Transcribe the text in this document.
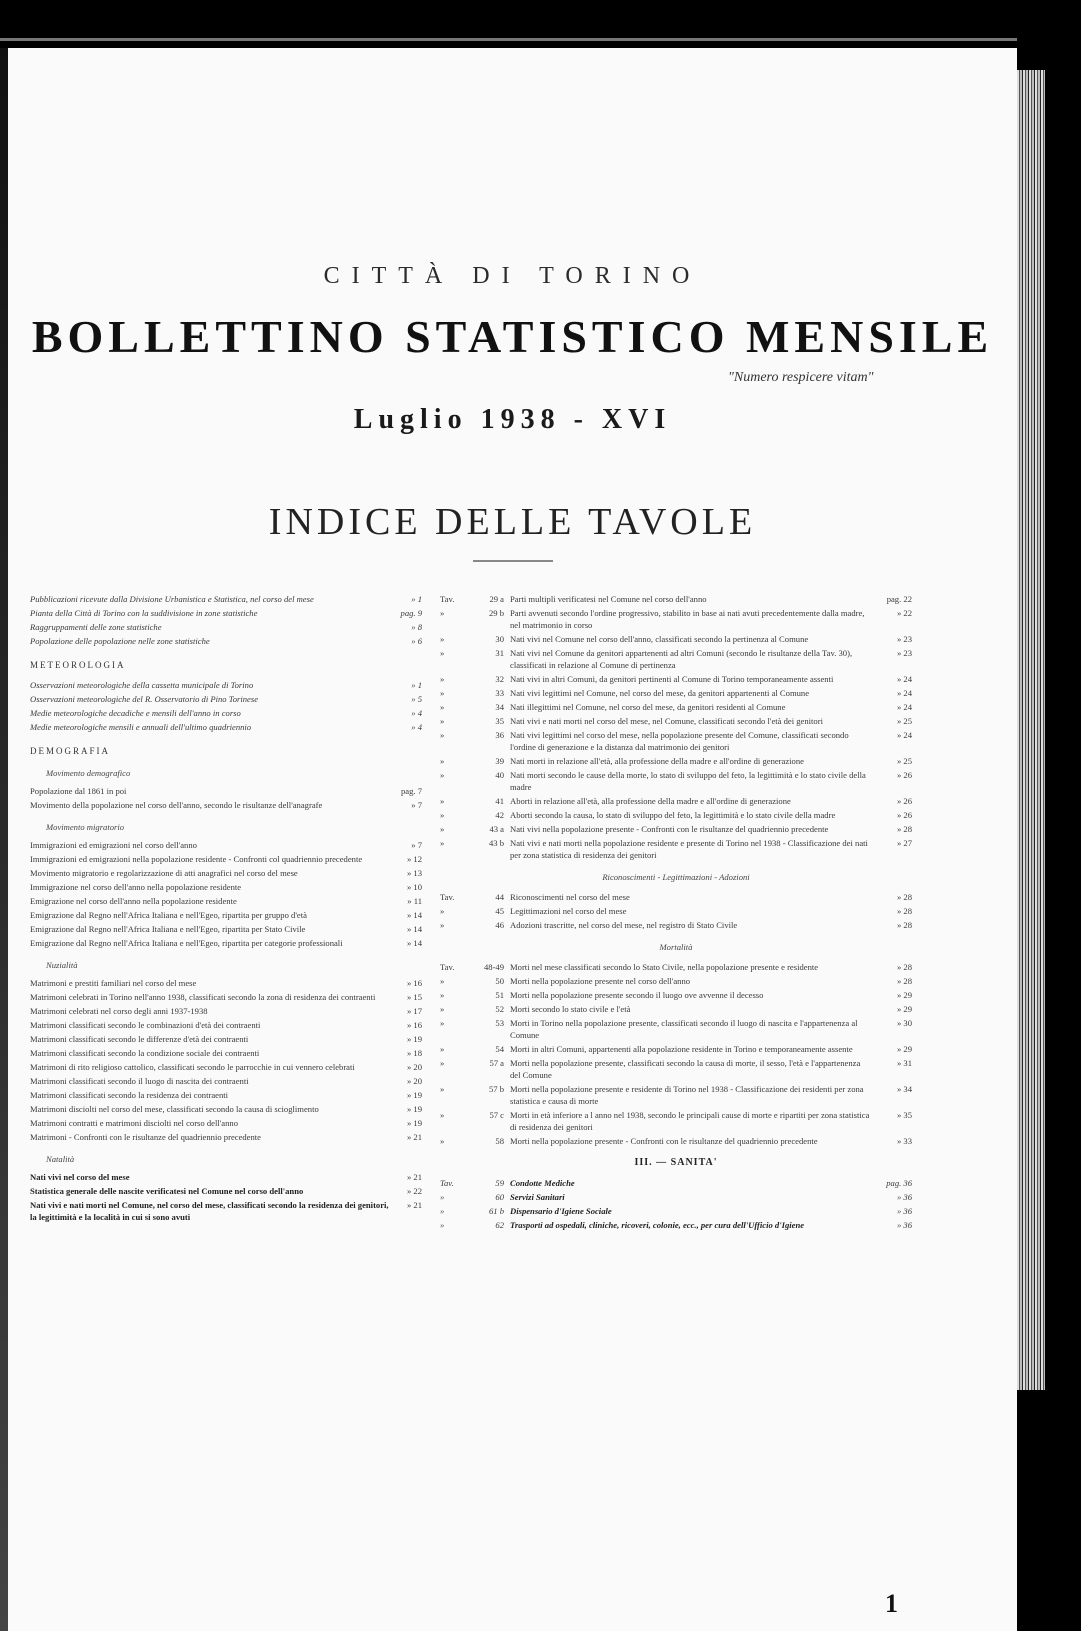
CITTÀ DI TORINO
BOLLETTINO STATISTICO MENSILE
"Numero respicere vitam"
Luglio 1938 - XVI
INDICE DELLE TAVOLE
Pubblicazioni ricevute dalla Divisione Urbanistica e Statistica, nel corso del mese	» 1
Pianta della Città di Torino con la suddivisione in zone statistiche	pag. 9
Raggruppamenti delle zone statistiche	» 8
Popolazione delle popolazione nelle zone statistiche	» 6
METEOROLOGIA
Osservazioni meteorologiche della cassetta municipale di Torino	» 1
Osservazioni meteorologiche del R. Osservatorio di Pino Torinese	» 5
Medie meteorologiche decadiche e mensili dell'anno in corso	» 4
Medie meteorologiche mensili e annuali dell'ultimo quadriennio	» 4
DEMOGRAFIA
Movimento demografico
Popolazione dal 1861 in poi	pag. 7
Movimento della popolazione nel corso dell'anno, secondo le risultanze dell'anagrafe	» 7
Movimento migratorio
Immigrazioni ed emigrazioni nel corso dell'anno	» 7
Immigrazioni ed emigrazioni nella popolazione residente - Confronti col quadriennio precedente	» 12
Movimento migratorio e regolarizzazione di atti anagrafici nel corso del mese	» 13
Immigrazione nel corso dell'anno nella popolazione residente	» 10
Emigrazione nel corso dell'anno nella popolazione residente	» 11
Emigrazione dal Regno nell'Africa Italiana e nell'Egeo, ripartita per gruppo d'età	» 14
Emigrazione dal Regno nell'Africa Italiana e nell'Egeo, ripartita per Stato Civile	» 14
Emigrazione dal Regno nell'Africa Italiana e nell'Egeo, ripartita per categorie professionali	» 14
Nuzialità
Matrimoni e prestiti familiari nel corso del mese	» 16
Matrimoni celebrati in Torino nell'anno 1938, classificati secondo la zona di residenza dei contraenti	» 15
Matrimoni celebrati nel corso degli anni 1937-1938	» 17
Matrimoni classificati secondo le combinazioni d'età dei contraenti	» 16
Matrimoni classificati secondo le differenze d'età dei contraenti	» 19
Matrimoni classificati secondo la condizione sociale dei contraenti	» 18
Matrimoni di rito religioso cattolico, classificati secondo le parrocchie in cui vennero celebrati	» 20
Matrimoni classificati secondo il luogo di nascita dei contraenti	» 20
Matrimoni classificati secondo la residenza dei contraenti	» 19
Matrimoni disciolti nel corso del mese, classificati secondo la causa di scioglimento	» 19
Matrimoni contratti e matrimoni disciolti nel corso dell'anno	» 19
Matrimoni - Confronti con le risultanze del quadriennio precedente	» 21
Natalità
Nati vivi nel corso del mese	» 21
Statistica generale delle nascite verificatesi nel Comune nel corso dell'anno	» 22
Nati vivi e nati morti nel Comune, nel corso del mese, classificati secondo la residenza dei genitori, la legittimità e la località in cui si sono avuti
» 21
Tav.	29 a Parti multipli verificatesi nel Comune nel corso dell'anno	pag. 22
»	29 b Parti avvenuti secondo l'ordine progressivo, stabilito in base ai nati avuti precedentemente dalla madre, nel matrimonio in corso
» 22
»	30 Nati vivi nel Comune nel corso dell'anno, classificati secondo la pertinenza al Comune	» 23
»	31 Nati vivi nel Comune da genitori appartenenti ad altri Comuni (secondo le risultanze della Tav. 30), classificati in relazione al Comune di pertinenza
» 23
»	32 Nati vivi in altri Comuni, da genitori pertinenti al Comune di Torino temporaneamente assenti	» 24
»	33 Nati vivi legittimi nel Comune, nel corso del mese, da genitori appartenenti al Comune	» 24
»	34 Nati illegittimi nel Comune, nel corso del mese, da genitori residenti al Comune	» 24
»	35 Nati vivi e nati morti nel corso del mese, nel Comune, classificati secondo l'età dei genitori	» 25
»	36 Nati vivi legittimi nel corso del mese, nella popolazione presente del Comune, classificati secondo l'ordine di generazione e la distanza dal matrimonio dei genitori
» 24
»	39 Nati morti in relazione all'età, alla professione della madre e all'ordine di generazione	» 25
»	40 Nati morti secondo le cause della morte, lo stato di sviluppo del feto, la legittimità e lo stato civile della madre
» 26
»	41 Aborti in relazione all'età, alla professione della madre e all'ordine di generazione	» 26
»	42 Aborti secondo la causa, lo stato di sviluppo del feto, la legittimità e lo stato civile della madre	» 26
»	43 a Nati vivi nella popolazione presente - Confronti con le risultanze del quadriennio precedente	» 28
»	43 b Nati vivi e nati morti nella popolazione residente e presente di Torino nel 1938 - Classificazione dei nati per zona statistica di residenza dei genitori
» 27
Riconoscimenti - Legittimazioni - Adozioni
Tav.	44 Riconoscimenti nel corso del mese	» 28
»	45 Legittimazioni nel corso del mese	» 28
»	46 Adozioni trascritte, nel corso del mese, nel registro di Stato Civile	» 28
Mortalità
Tav.	48-49 Morti nel mese classificati secondo lo Stato Civile, nella popolazione presente e residente	» 28
»	50 Morti nella popolazione presente nel corso dell'anno	» 28
»	51 Morti nella popolazione presente secondo il luogo ove avvenne il decesso	» 29
»	52 Morti secondo lo stato civile e l'età	» 29
»	53 Morti in Torino nella popolazione presente, classificati secondo il luogo di nascita e l'appartenenza al Comune
» 30
»	54 Morti in altri Comuni, appartenenti alla popolazione residente in Torino e temporaneamente assente	» 29
»	57 a Morti nella popolazione presente, classificati secondo la causa di morte, il sesso, l'età e l'appartenenza del Comune
» 31
»	57 b Morti nella popolazione presente e residente di Torino nel 1938 - Classificazione dei residenti per zona statistica e causa di morte
» 34
»	57 c Morti in età inferiore a l anno nel 1938, secondo le principali cause di morte e ripartiti per zona statistica di residenza dei genitori
» 35
»	58 Morti nella popolazione presente - Confronti con le risultanze del quadriennio precedente	» 33
III. — SANITA'
Tav.	59 Condotte Mediche	pag. 36
»	60 Servizi Sanitari	» 36
»	61 b Dispensario d'Igiene Sociale	» 36
»	62 Trasporti ad ospedali, cliniche, ricoveri, colonie, ecc., per cura dell'Ufficio d'Igiene	» 36
1
